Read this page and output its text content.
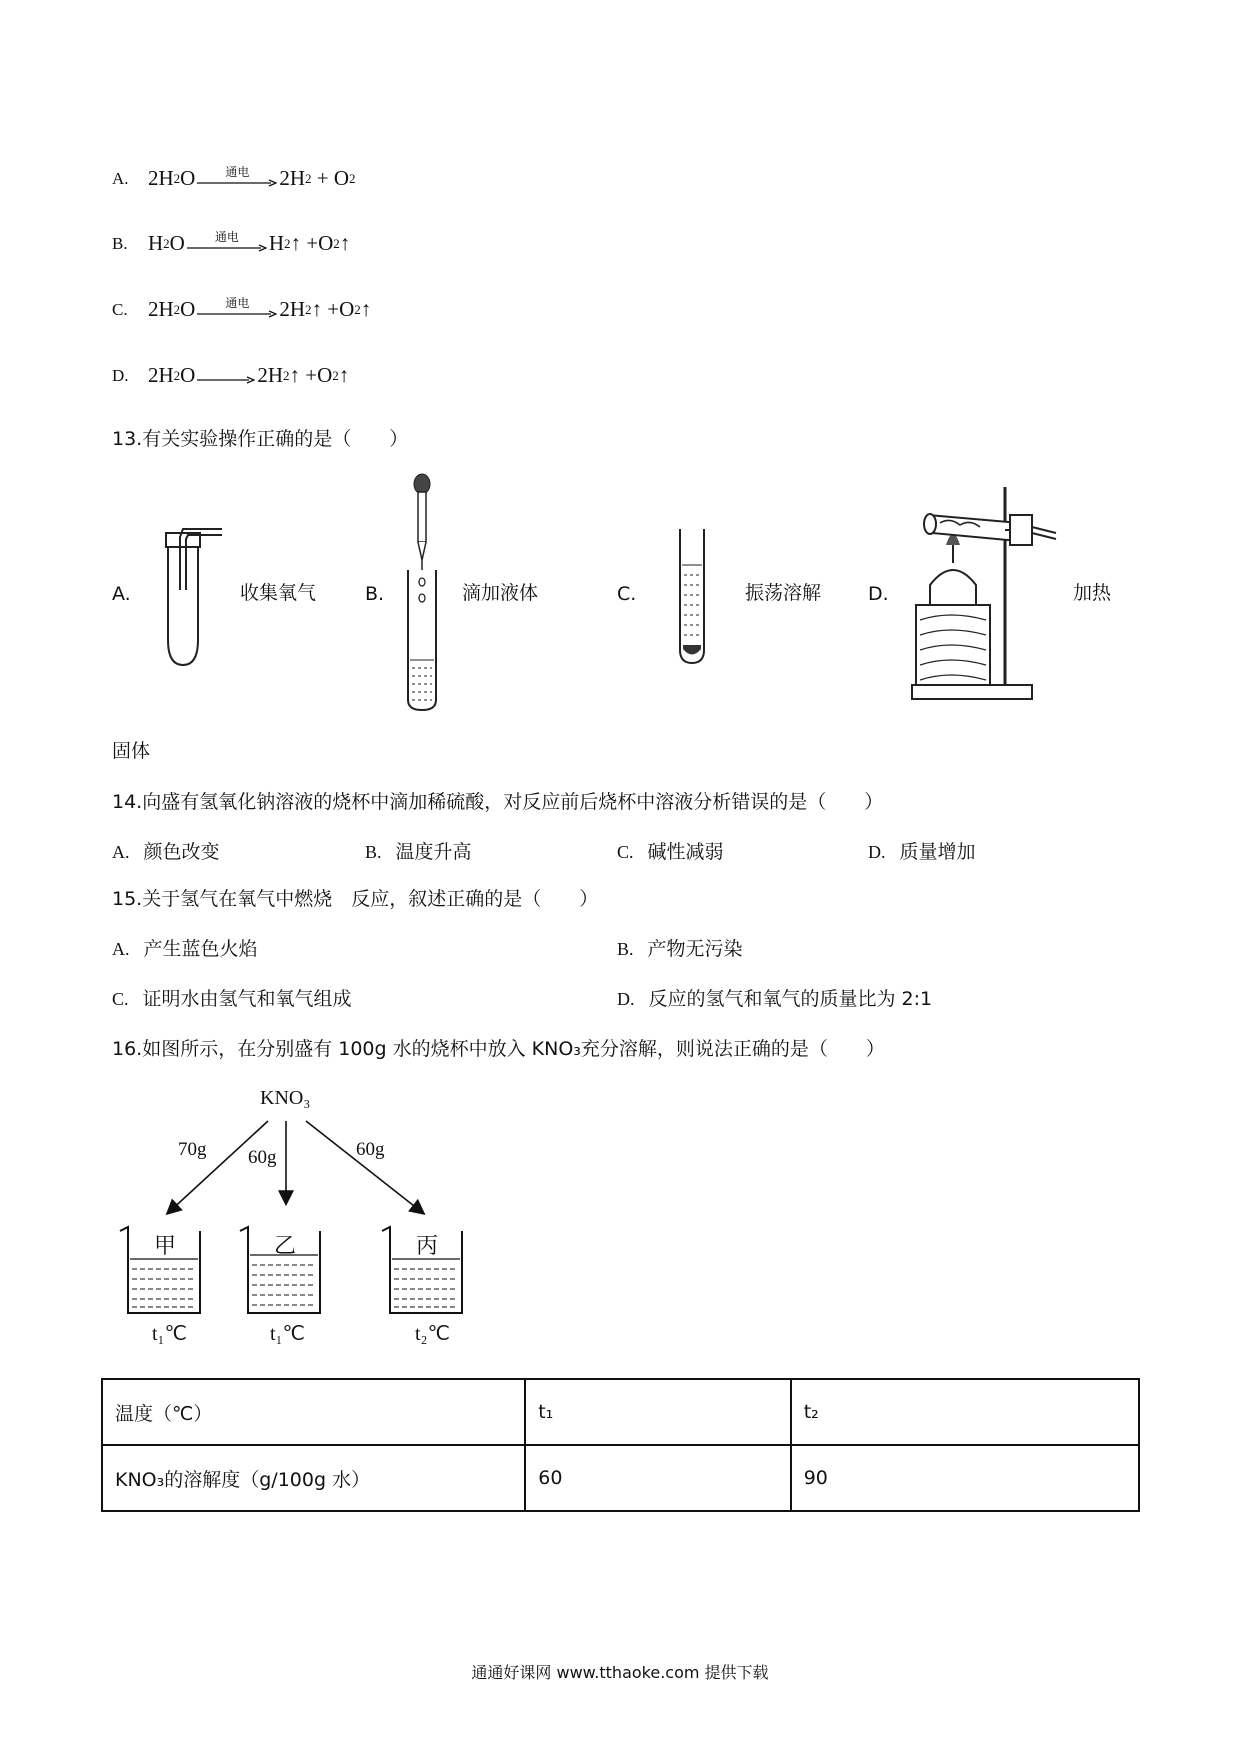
A. 2 H 2 O 通电 2 H 2 + O 2
B. H 2 O 通电 H 2 ↑ +O 2 ↑
C. 2 H 2 O 通电 2 H 2 ↑ +O 2 ↑
D. 2 H 2 O → 2 H 2 ↑ +O 2 ↑
13.有关实验操作正确的是（　　）
A.	收集氧气	B.	滴加液体	C.	振荡溶解 D.	加热
固体
14.向盛有氢氧化钠溶液的烧杯中滴加稀硫酸，对反应前后烧杯中溶液分析错误的是（　　）
A. 颜色改变	B. 温度升高	C. 碱性减弱	D. 质量增加
15.关于氢气在氧气中燃烧　反应，叙述正确的是（　　）
A. 产生蓝色火焰	B. 产物无污染
C. 证明水由氢气和氧气组成	D. 反应的氢气和氧气的质量比为 2:1
16.如图所示，在分别盛有 100g 水的烧杯中放入 KNO₃充分溶解，则说法正确的是（　　）
KNO₃
70g 60g	60g
甲
t₁℃
乙
t₁℃
丙
t₂℃
温度（℃）	t₁	t₂
KNO₃的溶解度（g/100g 水）	60	90
通通好课网 www.tthaoke.com 提供下载
